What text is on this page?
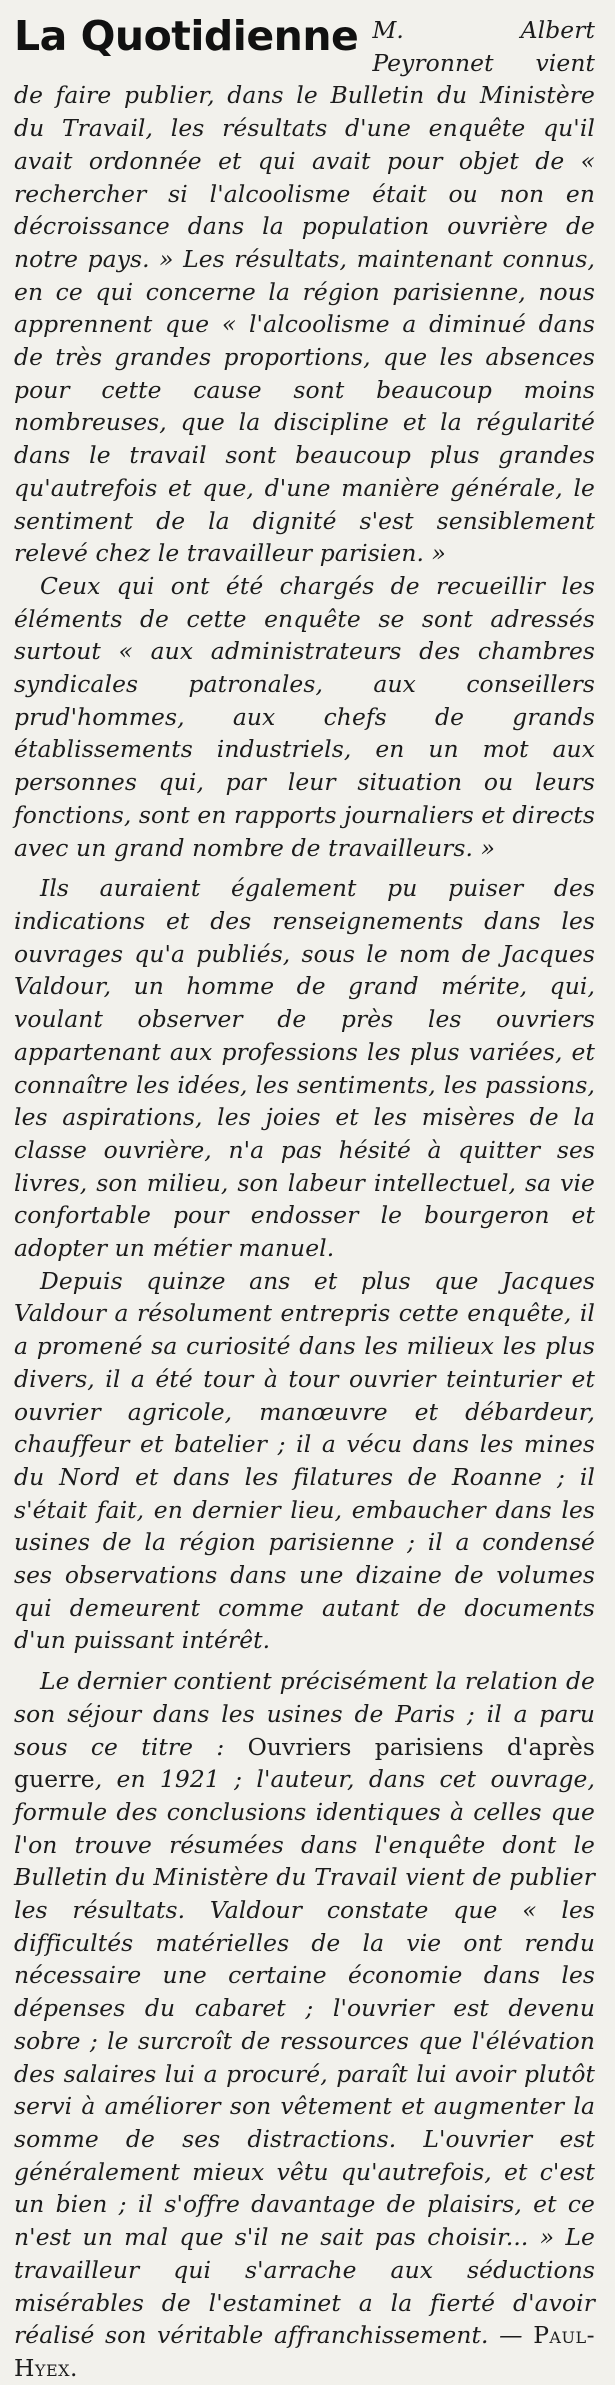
La Quotidienne M. Albert Peyronnet vient de faire publier, dans le Bulletin du Ministère du Travail, les résultats d'une enquête qu'il avait ordonnée et qui avait pour objet de « rechercher si l'alcoolisme était ou non en décroissance dans la population ouvrière de notre pays. » Les résultats, maintenant connus, en ce qui concerne la région parisienne, nous apprennent que « l'alcoolisme a diminué dans de très grandes proportions, que les absences pour cette cause sont beaucoup moins nombreuses, que la discipline et la régularité dans le travail sont beaucoup plus grandes qu'autrefois et que, d'une manière générale, le sentiment de la dignité s'est sensiblement relevé chez le travailleur parisien. »

Ceux qui ont été chargés de recueillir les éléments de cette enquête se sont adressés surtout « aux administrateurs des chambres syndicales patronales, aux conseillers prud'hommes, aux chefs de grands établissements industriels, en un mot aux personnes qui, par leur situation ou leurs fonctions, sont en rapports journaliers et directs avec un grand nombre de travailleurs. »

Ils auraient également pu puiser des indications et des renseignements dans les ouvrages qu'a publiés, sous le nom de Jacques Valdour, un homme de grand mérite, qui, voulant observer de près les ouvriers appartenant aux professions les plus variées, et connaître les idées, les sentiments, les passions, les aspirations, les joies et les misères de la classe ouvrière, n'a pas hésité à quitter ses livres, son milieu, son labeur intellectuel, sa vie confortable pour endosser le bourgeron et adopter un métier manuel.

Depuis quinze ans et plus que Jacques Valdour a résolument entrepris cette enquête, il a promené sa curiosité dans les milieux les plus divers, il a été tour à tour ouvrier teinturier et ouvrier agricole, manœuvre et débardeur, chauffeur et batelier ; il a vécu dans les mines du Nord et dans les filatures de Roanne ; il s'était fait, en dernier lieu, embaucher dans les usines de la région parisienne ; il a condensé ses observations dans une dizaine de volumes qui demeurent comme autant de documents d'un puissant intérêt.

Le dernier contient précisément la relation de son séjour dans les usines de Paris ; il a paru sous ce titre : Ouvriers parisiens d'après guerre, en 1921 ; l'auteur, dans cet ouvrage, formule des conclusions identiques à celles que l'on trouve résumées dans l'enquête dont le Bulletin du Ministère du Travail vient de publier les résultats. Valdour constate que « les difficultés matérielles de la vie ont rendu nécessaire une certaine économie dans les dépenses du cabaret ; l'ouvrier est devenu sobre ; le surcroît de ressources que l'élévation des salaires lui a procuré, paraît lui avoir plutôt servi à améliorer son vêtement et augmenter la somme de ses distractions. L'ouvrier est généralement mieux vêtu qu'autrefois, et c'est un bien ; il s'offre davantage de plaisirs, et ce n'est un mal que s'il ne sait pas choisir... » Le travailleur qui s'arrache aux séductions misérables de l'estaminet a la fierté d'avoir réalisé son véritable affranchissement. — Paul-Hyex.
